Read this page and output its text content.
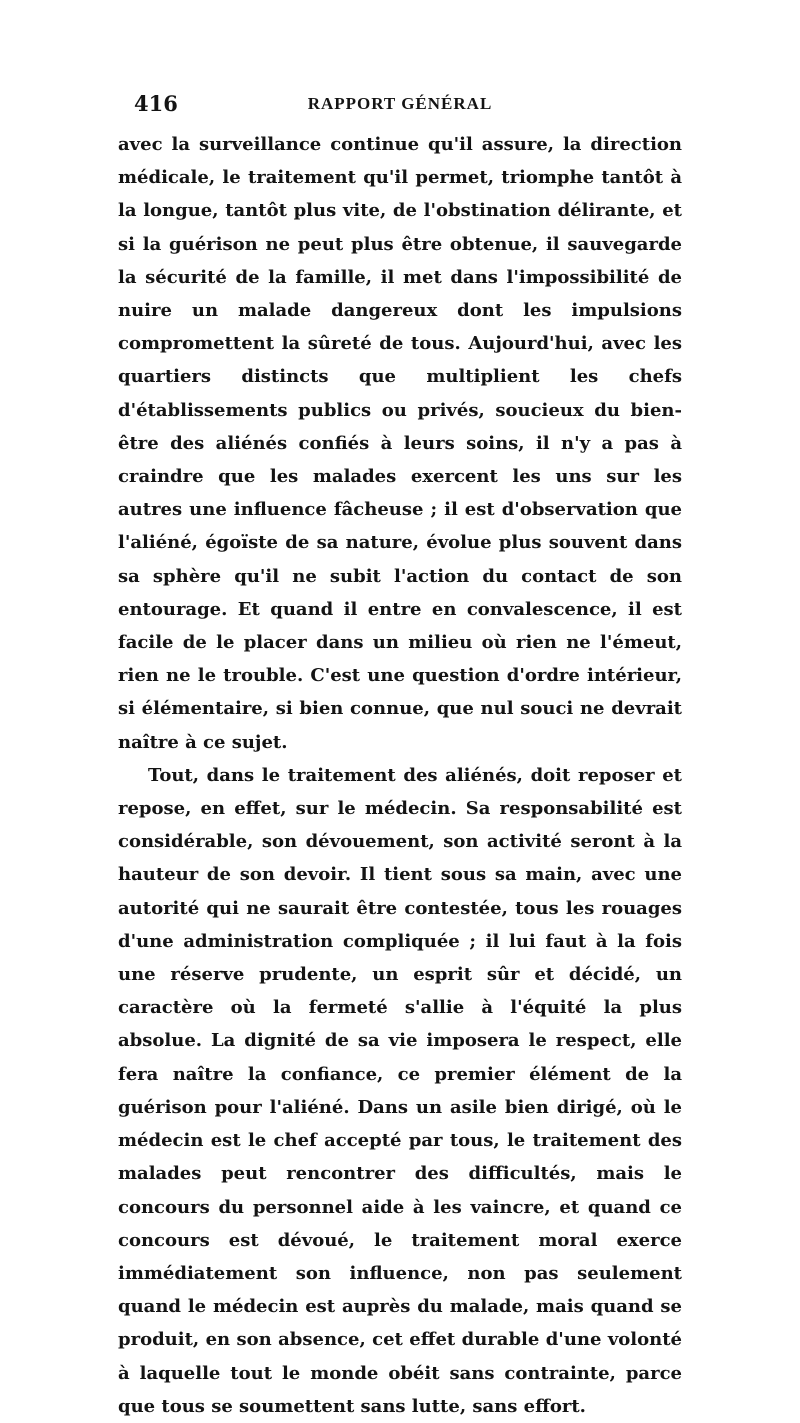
416	RAPPORT GÉNÉRAL

avec la surveillance continue qu'il assure, la direction médicale, le traitement qu'il permet, triomphe tantôt à la longue, tantôt plus vite, de l'obstination délirante, et si la guérison ne peut plus être obtenue, il sauvegarde la sécurité de la famille, il met dans l'impossibilité de nuire un malade dangereux dont les impulsions compromettent la sûreté de tous. Aujourd'hui, avec les quartiers distincts que multiplient les chefs d'établissements publics ou privés, soucieux du bien-être des aliénés confiés à leurs soins, il n'y a pas à craindre que les malades exercent les uns sur les autres une influence fâcheuse ; il est d'observation que l'aliéné, égoïste de sa nature, évolue plus souvent dans sa sphère qu'il ne subit l'action du contact de son entourage. Et quand il entre en convalescence, il est facile de le placer dans un milieu où rien ne l'émeut, rien ne le trouble. C'est une question d'ordre intérieur, si élémentaire, si bien connue, que nul souci ne devrait naître à ce sujet.

Tout, dans le traitement des aliénés, doit reposer et repose, en effet, sur le médecin. Sa responsabilité est considérable, son dévouement, son activité seront à la hauteur de son devoir. Il tient sous sa main, avec une autorité qui ne saurait être contestée, tous les rouages d'une administration compliquée ; il lui faut à la fois une réserve prudente, un esprit sûr et décidé, un caractère où la fermeté s'allie à l'équité la plus absolue. La dignité de sa vie imposera le respect, elle fera naître la confiance, ce premier élément de la guérison pour l'aliéné. Dans un asile bien dirigé, où le médecin est le chef accepté par tous, le traitement des malades peut rencontrer des difficultés, mais le concours du personnel aide à les vaincre, et quand ce concours est dévoué, le traitement moral exerce immédiatement son influence, non pas seulement quand le médecin est auprès du malade, mais quand se produit, en son absence, cet effet durable d'une volonté à laquelle tout le monde obéit sans contrainte, parce que tous se soumettent sans lutte, sans effort.
